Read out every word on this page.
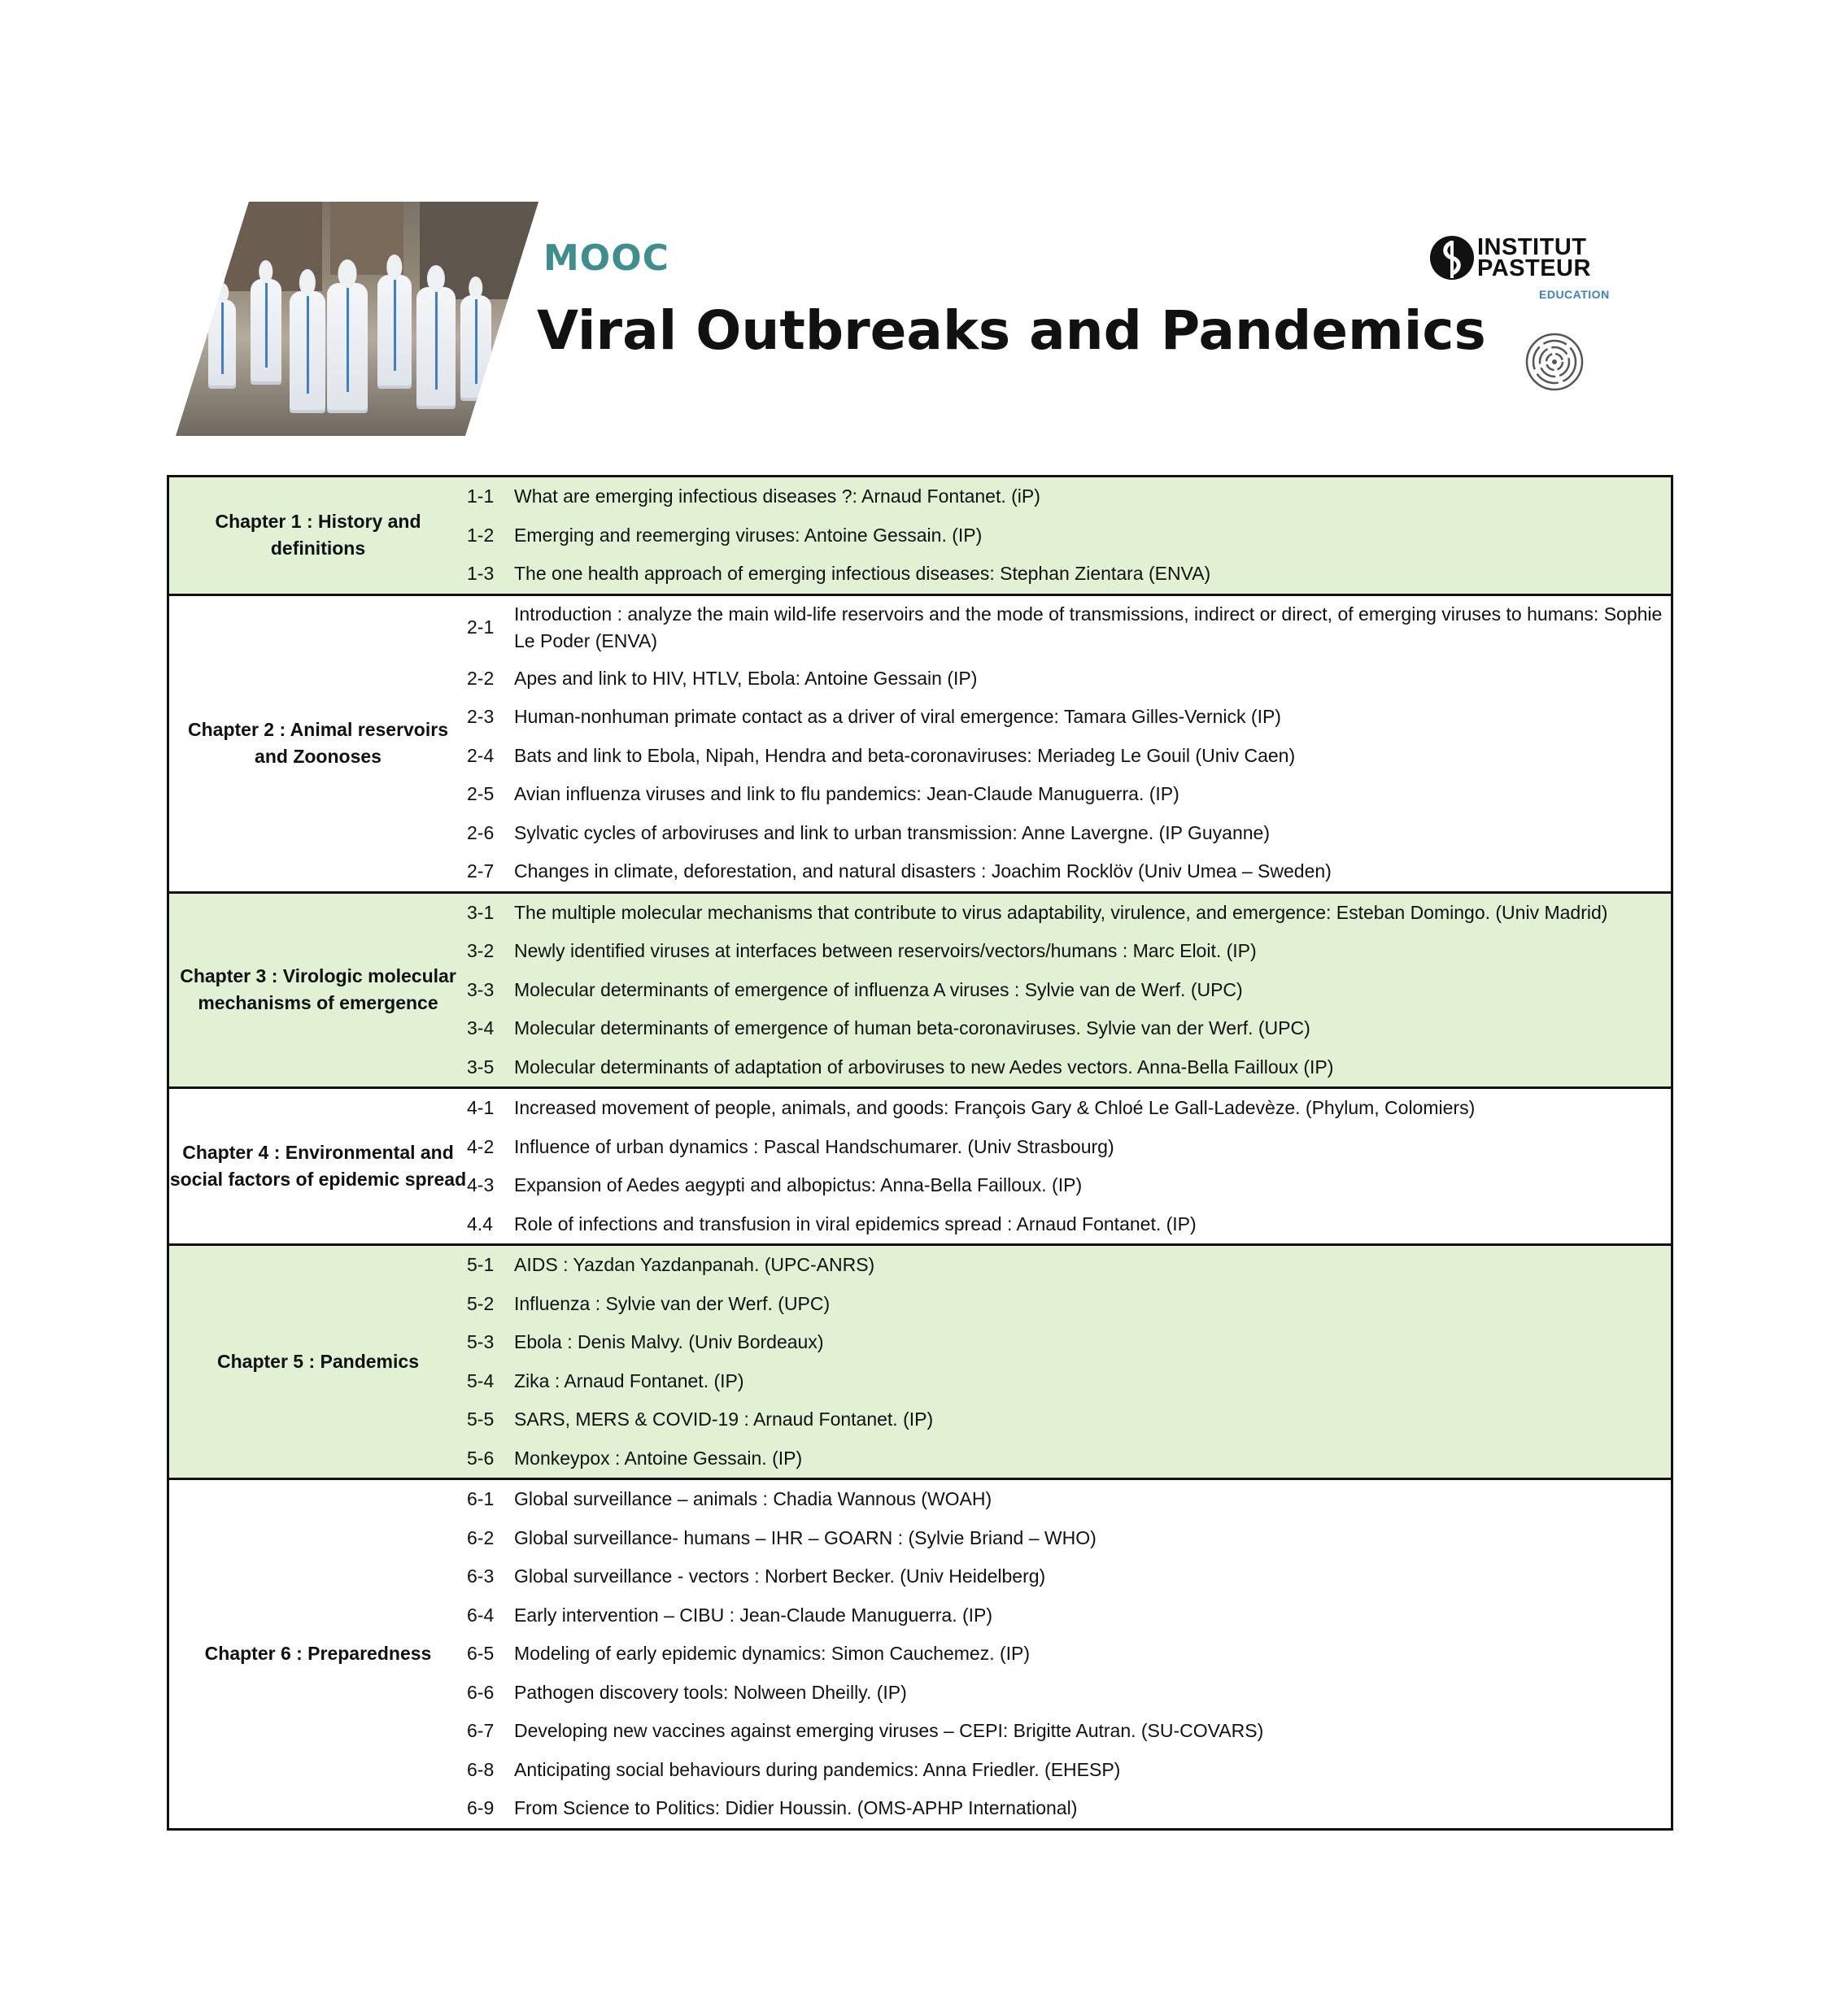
MOOC
Viral Outbreaks and Pandemics
INSTITUT
PASTEUR
EDUCATION
Chapter 1 : History and definitions	1-1	What are emerging infectious diseases ?: Arnaud Fontanet. (iP)
	1-2	Emerging and reemerging viruses: Antoine Gessain. (IP)
	1-3	The one health approach of emerging infectious diseases: Stephan Zientara (ENVA)
Chapter 2 : Animal reservoirs and Zoonoses	2-1	Introduction : analyze the main wild-life reservoirs and the mode of transmissions, indirect or direct, of emerging viruses to humans: Sophie Le Poder (ENVA)
	2-2	Apes and link to HIV, HTLV, Ebola: Antoine Gessain (IP)
	2-3	Human-nonhuman primate contact as a driver of viral emergence: Tamara Gilles-Vernick (IP)
	2-4	Bats and link to Ebola, Nipah, Hendra and beta-coronaviruses: Meriadeg Le Gouil (Univ Caen)
	2-5	Avian influenza viruses and link to flu pandemics: Jean-Claude Manuguerra. (IP)
	2-6	Sylvatic cycles of arboviruses and link to urban transmission: Anne Lavergne. (IP Guyanne)
	2-7	Changes in climate, deforestation, and natural disasters : Joachim Rocklöv (Univ Umea – Sweden)
Chapter 3 : Virologic molecular mechanisms of emergence	3-1	The multiple molecular mechanisms that contribute to virus adaptability, virulence, and emergence: Esteban Domingo. (Univ Madrid)
	3-2	Newly identified viruses at interfaces between reservoirs/vectors/humans : Marc Eloit. (IP)
	3-3	Molecular determinants of emergence of influenza A viruses : Sylvie van de Werf. (UPC)
	3-4	Molecular determinants of emergence of human beta-coronaviruses. Sylvie van der Werf. (UPC)
	3-5	Molecular determinants of adaptation of arboviruses to new Aedes vectors. Anna-Bella Failloux (IP)
Chapter 4 : Environmental and social factors of epidemic spread	4-1	Increased movement of people, animals, and goods: François Gary & Chloé Le Gall-Ladevèze. (Phylum, Colomiers)
	4-2	Influence of urban dynamics : Pascal Handschumarer. (Univ Strasbourg)
	4-3	Expansion of Aedes aegypti and albopictus: Anna-Bella Failloux. (IP)
	4.4	Role of infections and transfusion in viral epidemics spread : Arnaud Fontanet. (IP)
Chapter 5 : Pandemics	5-1	AIDS : Yazdan Yazdanpanah. (UPC-ANRS)
	5-2	Influenza : Sylvie van der Werf. (UPC)
	5-3	Ebola : Denis Malvy. (Univ Bordeaux)
	5-4	Zika : Arnaud Fontanet. (IP)
	5-5	SARS, MERS & COVID-19 : Arnaud Fontanet. (IP)
	5-6	Monkeypox : Antoine Gessain. (IP)
Chapter 6 : Preparedness	6-1	Global surveillance – animals : Chadia Wannous (WOAH)
	6-2	Global surveillance- humans – IHR – GOARN : (Sylvie Briand – WHO)
	6-3	Global surveillance - vectors : Norbert Becker. (Univ Heidelberg)
	6-4	Early intervention – CIBU : Jean-Claude Manuguerra. (IP)
	6-5	Modeling of early epidemic dynamics: Simon Cauchemez. (IP)
	6-6	Pathogen discovery tools: Nolween Dheilly. (IP)
	6-7	Developing new vaccines against emerging viruses – CEPI: Brigitte Autran. (SU-COVARS)
	6-8	Anticipating social behaviours during pandemics: Anna Friedler. (EHESP)
	6-9	From Science to Politics: Didier Houssin. (OMS-APHP International)
